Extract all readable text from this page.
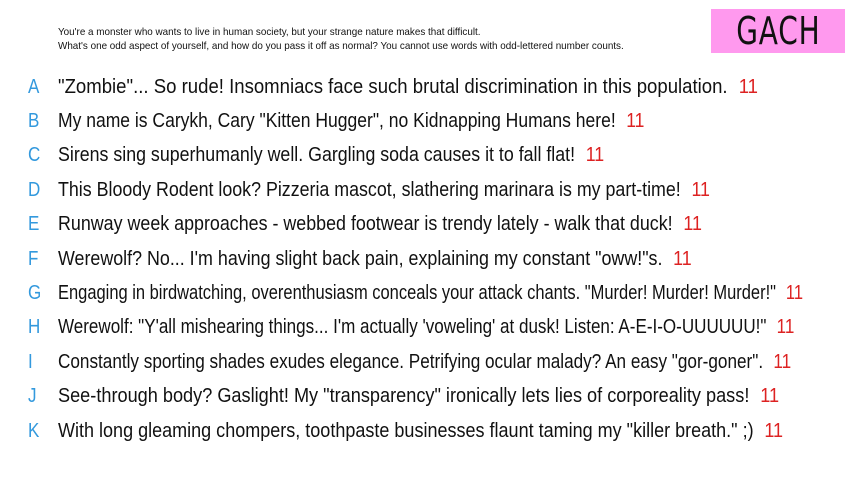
You're a monster who wants to live in human society, but your strange nature makes that difficult.
What's one odd aspect of yourself, and how do you pass it off as normal? You cannot use words with odd-lettered number counts.	GACH
A "Zombie"... So rude! Insomniacs face such brutal discrimination in this population. 11
B My name is Carykh, Cary "Kitten Hugger", no Kidnapping Humans here! 11
C Sirens sing superhumanly well. Gargling soda causes it to fall flat! 11
D This Bloody Rodent look? Pizzeria mascot, slathering marinara is my part-time! 11
E Runway week approaches - webbed footwear is trendy lately - walk that duck! 11
F Werewolf? No... I'm having slight back pain, explaining my constant "oww!"s. 11
G Engaging in birdwatching, overenthusiasm conceals your attack chants. "Murder! Murder! Murder!" 11
H Werewolf: "Y'all mishearing things... I'm actually 'voweling' at dusk! Listen: A-E-I-O-UUUUUU!" 11
I	Constantly sporting shades exudes elegance. Petrifying ocular malady? An easy "gor-goner". 11
J	See-through body? Gaslight! My "transparency" ironically lets lies of corporeality pass! 11
K With long gleaming chompers, toothpaste businesses flaunt taming my "killer breath." ;) 11
